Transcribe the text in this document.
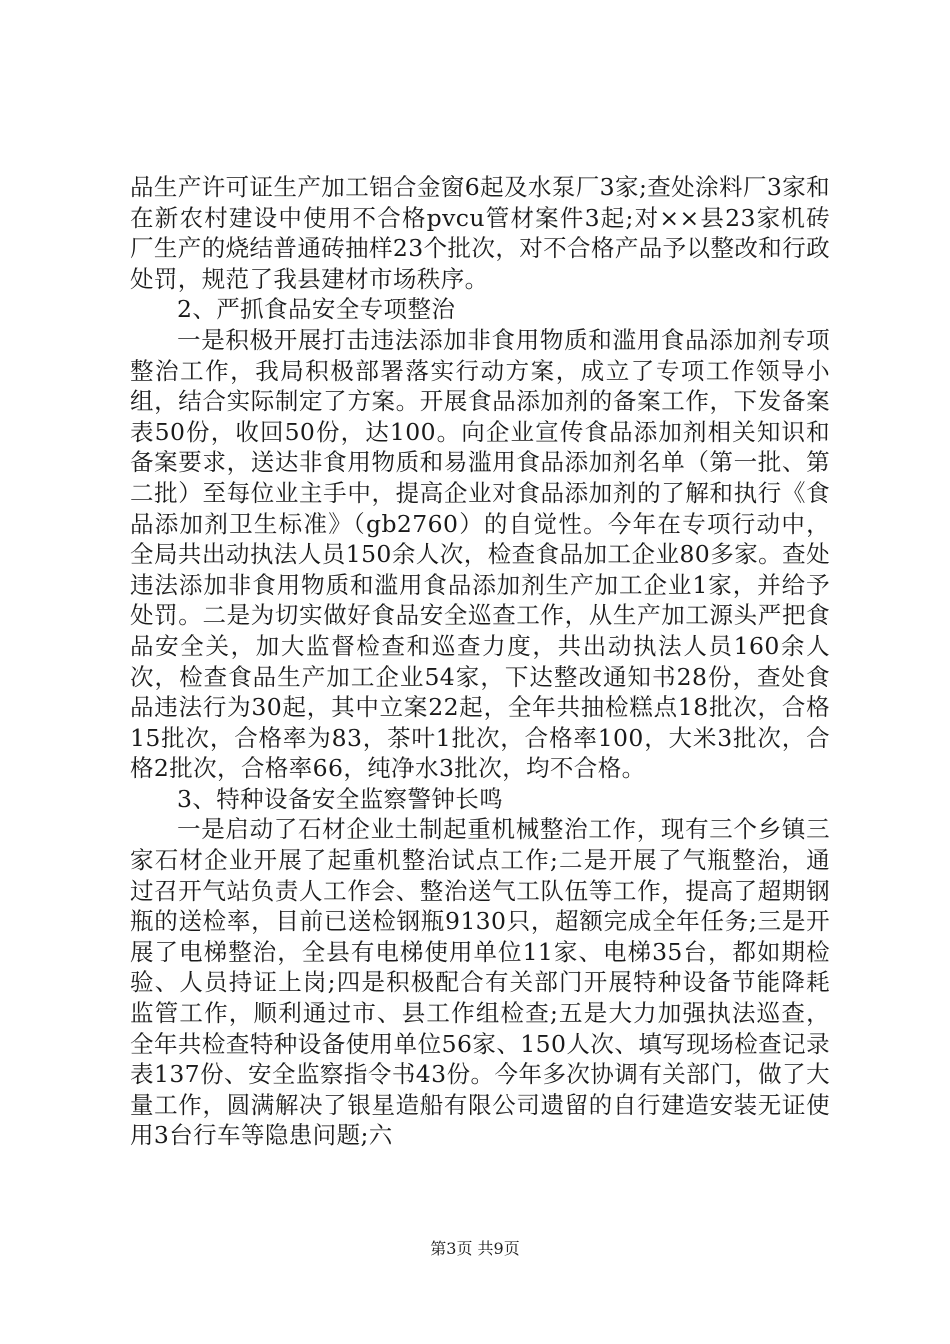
品生产许可证生产加工铝合金窗6起及水泵厂3家;查处涂料厂3家和在新农村建设中使用不合格pvcu管材案件3起;对××县23家机砖厂生产的烧结普通砖抽样23个批次，对不合格产品予以整改和行政处罚，规范了我县建材市场秩序。

2、严抓食品安全专项整治

一是积极开展打击违法添加非食用物质和滥用食品添加剂专项整治工作，我局积极部署落实行动方案，成立了专项工作领导小组，结合实际制定了方案。开展食品添加剂的备案工作，下发备案表50份，收回50份，达100。向企业宣传食品添加剂相关知识和备案要求，送达非食用物质和易滥用食品添加剂名单（第一批、第二批）至每位业主手中，提高企业对食品添加剂的了解和执行《食品添加剂卫生标准》（gb2760）的自觉性。今年在专项行动中，全局共出动执法人员150余人次，检查食品加工企业80多家。查处违法添加非食用物质和滥用食品添加剂生产加工企业1家，并给予处罚。二是为切实做好食品安全巡查工作，从生产加工源头严把食品安全关，加大监督检查和巡查力度，共出动执法人员160余人次，检查食品生产加工企业54家，下达整改通知书28份，查处食品违法行为30起，其中立案22起，全年共抽检糕点18批次，合格15批次，合格率为83，茶叶1批次，合格率100，大米3批次，合格2批次，合格率66，纯净水3批次，均不合格。

3、特种设备安全监察警钟长鸣

一是启动了石材企业土制起重机械整治工作，现有三个乡镇三家石材企业开展了起重机整治试点工作;二是开展了气瓶整治，通过召开气站负责人工作会、整治送气工队伍等工作，提高了超期钢瓶的送检率，目前已送检钢瓶9130只，超额完成全年任务;三是开展了电梯整治，全县有电梯使用单位11家、电梯35台，都如期检验、人员持证上岗;四是积极配合有关部门开展特种设备节能降耗监管工作，顺利通过市、县工作组检查;五是大力加强执法巡查，全年共检查特种设备使用单位56家、150人次、填写现场检查记录表137份、安全监察指令书43份。今年多次协调有关部门，做了大量工作，圆满解决了银星造船有限公司遗留的自行建造安装无证使用3台行车等隐患问题;六

第3页 共9页
